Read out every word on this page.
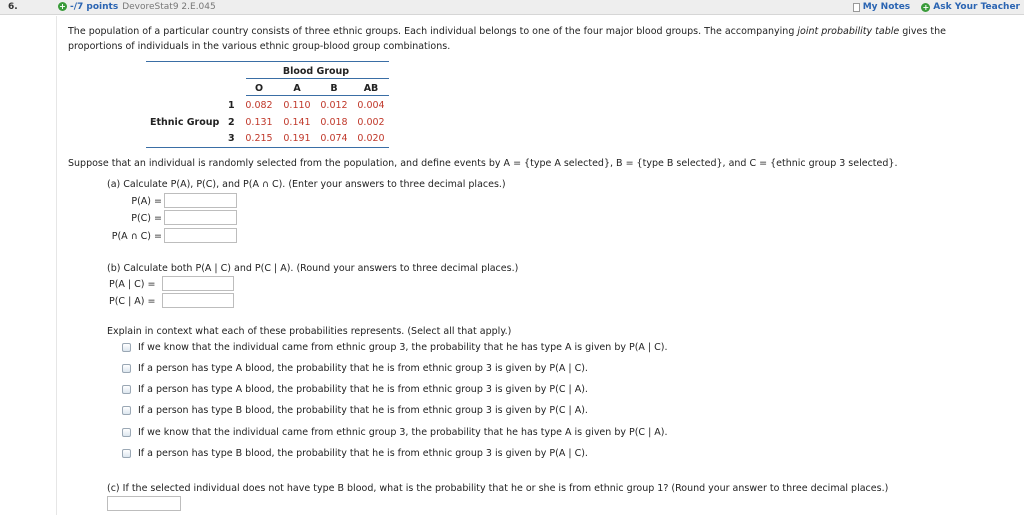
6.	+ -/7 points DevoreStat9 2.E.045	My Notes + Ask Your Teacher
The population of a particular country consists of three ethnic groups. Each individual belongs to one of the four major blood groups. The accompanying joint probability table gives the proportions of individuals in the various ethnic group-blood group combinations.
Blood Group
O	A	B	AB
Ethnic Group
1 0.082 0.110 0.012 0.004
2 0.131 0.141 0.018 0.002
3 0.215 0.191 0.074 0.020
Suppose that an individual is randomly selected from the population, and define events by A = {type A selected}, B = {type B selected}, and C = {ethnic group 3 selected}.
(a) Calculate P(A), P(C), and P(A ∩ C). (Enter your answers to three decimal places.)
P(A) =
P(C) =
P(A ∩ C) =
(b) Calculate both P(A | C) and P(C | A). (Round your answers to three decimal places.)
P(A | C) =
P(C | A) =
Explain in context what each of these probabilities represents. (Select all that apply.)
If we know that the individual came from ethnic group 3, the probability that he has type A is given by P(A | C).
If a person has type A blood, the probability that he is from ethnic group 3 is given by P(A | C).
If a person has type A blood, the probability that he is from ethnic group 3 is given by P(C | A).
If a person has type B blood, the probability that he is from ethnic group 3 is given by P(C | A).
If we know that the individual came from ethnic group 3, the probability that he has type A is given by P(C | A).
If a person has type B blood, the probability that he is from ethnic group 3 is given by P(A | C).
(c) If the selected individual does not have type B blood, what is the probability that he or she is from ethnic group 1? (Round your answer to three decimal places.)
